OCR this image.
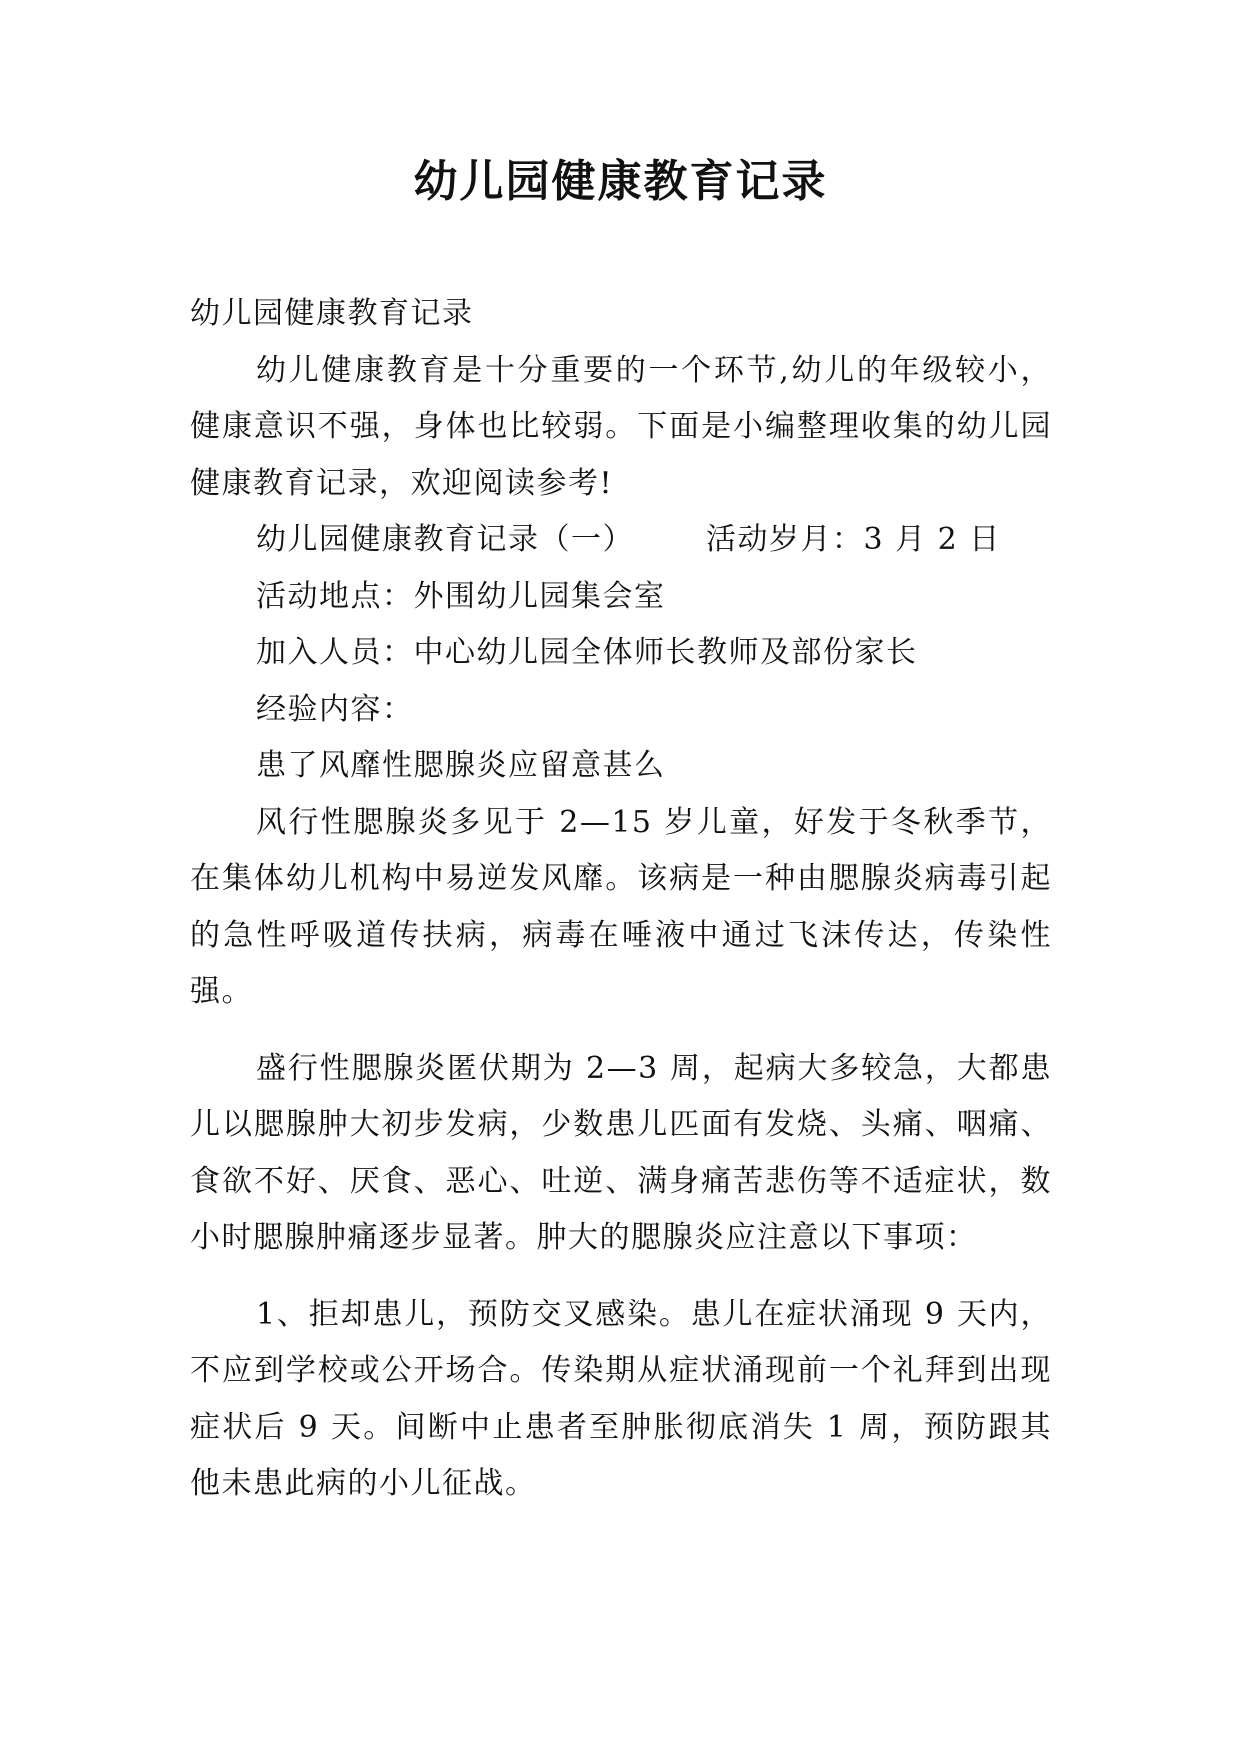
幼儿园健康教育记录

幼儿园健康教育记录

幼儿健康教育是十分重要的一个环节,幼儿的年级较小，健康意识不强，身体也比较弱。下面是小编整理收集的幼儿园健康教育记录，欢迎阅读参考!

幼儿园健康教育记录（一） 活动岁月：3 月 2 日

活动地点：外围幼儿园集会室

加入人员：中心幼儿园全体师长教师及部份家长

经验内容：

患了风靡性腮腺炎应留意甚么

风行性腮腺炎多见于 2—15 岁儿童，好发于冬秋季节，在集体幼儿机构中易逆发风靡。该病是一种由腮腺炎病毒引起的急性呼吸道传扶病，病毒在唾液中通过飞沫传达，传染性强。

盛行性腮腺炎匿伏期为 2—3 周，起病大多较急，大都患儿以腮腺肿大初步发病，少数患儿匹面有发烧、头痛、咽痛、食欲不好、厌食、恶心、吐逆、满身痛苦悲伤等不适症状，数小时腮腺肿痛逐步显著。肿大的腮腺炎应注意以下事项：

1、拒却患儿，预防交叉感染。患儿在症状涌现 9 天内，不应到学校或公开场合。传染期从症状涌现前一个礼拜到出现症状后 9 天。间断中止患者至肿胀彻底消失 1 周，预防跟其他未患此病的小儿征战。
